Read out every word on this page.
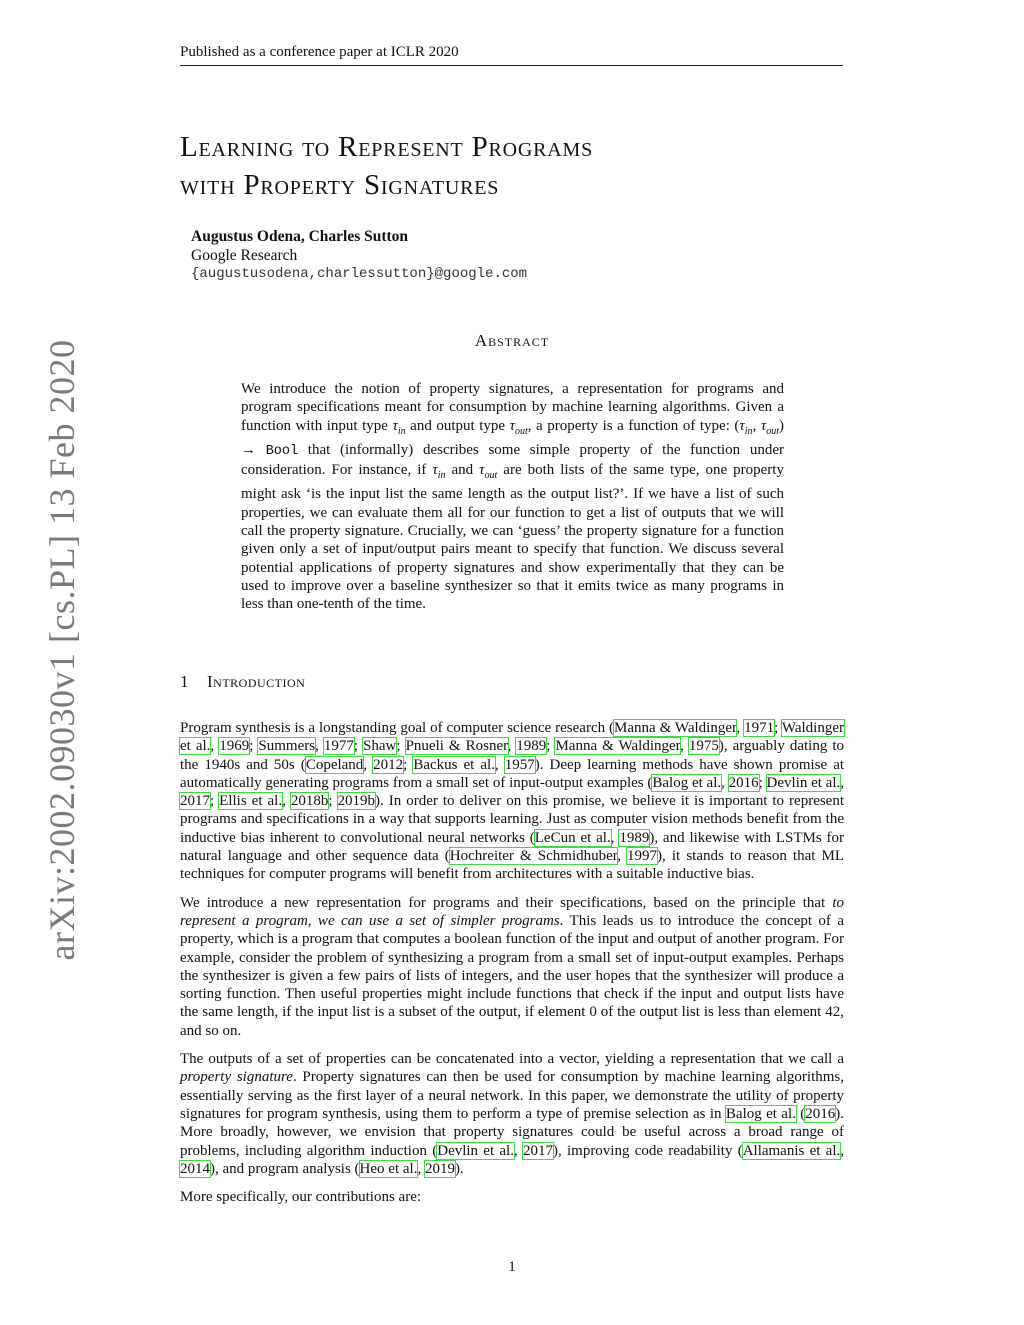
Published as a conference paper at ICLR 2020
arXiv:2002.09030v1 [cs.PL] 13 Feb 2020
Learning to Represent Programs
with Property Signatures
Augustus Odena, Charles Sutton
Google Research
{augustusodena,charlessutton}@google.com
Abstract
We introduce the notion of property signatures, a representation for programs and program specifications meant for consumption by machine learning algorithms. Given a function with input type $\tau_{in}$ and output type $\tau_{out}$, a property is a function of type: ($\tau_{in}$, $\tau_{out}$) → Bool that (informally) describes some simple property of the function under consideration. For instance, if $\tau_{in}$ and $\tau_{out}$ are both lists of the same type, one property might ask ‘is the input list the same length as the output list?’. If we have a list of such properties, we can evaluate them all for our function to get a list of outputs that we will call the property signature. Crucially, we can ‘guess’ the property signature for a function given only a set of input/output pairs meant to specify that function. We discuss several potential applications of property signatures and show experimentally that they can be used to improve over a baseline synthesizer so that it emits twice as many programs in less than one-tenth of the time.
1 Introduction

Program synthesis is a longstanding goal of computer science research (Manna & Waldinger, 1971; Waldinger et al., 1969; Summers, 1977; Shaw; Pnueli & Rosner, 1989; Manna & Waldinger, 1975), arguably dating to the 1940s and 50s (Copeland, 2012; Backus et al., 1957). Deep learning methods have shown promise at automatically generating programs from a small set of input-output examples (Balog et al., 2016; Devlin et al., 2017; Ellis et al., 2018b; 2019b). In order to deliver on this promise, we believe it is important to represent programs and specifications in a way that supports learning. Just as computer vision methods benefit from the inductive bias inherent to convolutional neural networks (LeCun et al., 1989), and likewise with LSTMs for natural language and other sequence data (Hochreiter & Schmidhuber, 1997), it stands to reason that ML techniques for computer programs will benefit from architectures with a suitable inductive bias.

We introduce a new representation for programs and their specifications, based on the principle that to represent a program, we can use a set of simpler programs. This leads us to introduce the concept of a property, which is a program that computes a boolean function of the input and output of another program. For example, consider the problem of synthesizing a program from a small set of input-output examples. Perhaps the synthesizer is given a few pairs of lists of integers, and the user hopes that the synthesizer will produce a sorting function. Then useful properties might include functions that check if the input and output lists have the same length, if the input list is a subset of the output, if element 0 of the output list is less than element 42, and so on.

The outputs of a set of properties can be concatenated into a vector, yielding a representation that we call a property signature. Property signatures can then be used for consumption by machine learning algorithms, essentially serving as the first layer of a neural network. In this paper, we demonstrate the utility of property signatures for program synthesis, using them to perform a type of premise selection as in Balog et al. (2016). More broadly, however, we envision that property signatures could be useful across a broad range of problems, including algorithm induction (Devlin et al., 2017), improving code readability (Allamanis et al., 2014), and program analysis (Heo et al., 2019).

More specifically, our contributions are:

1
